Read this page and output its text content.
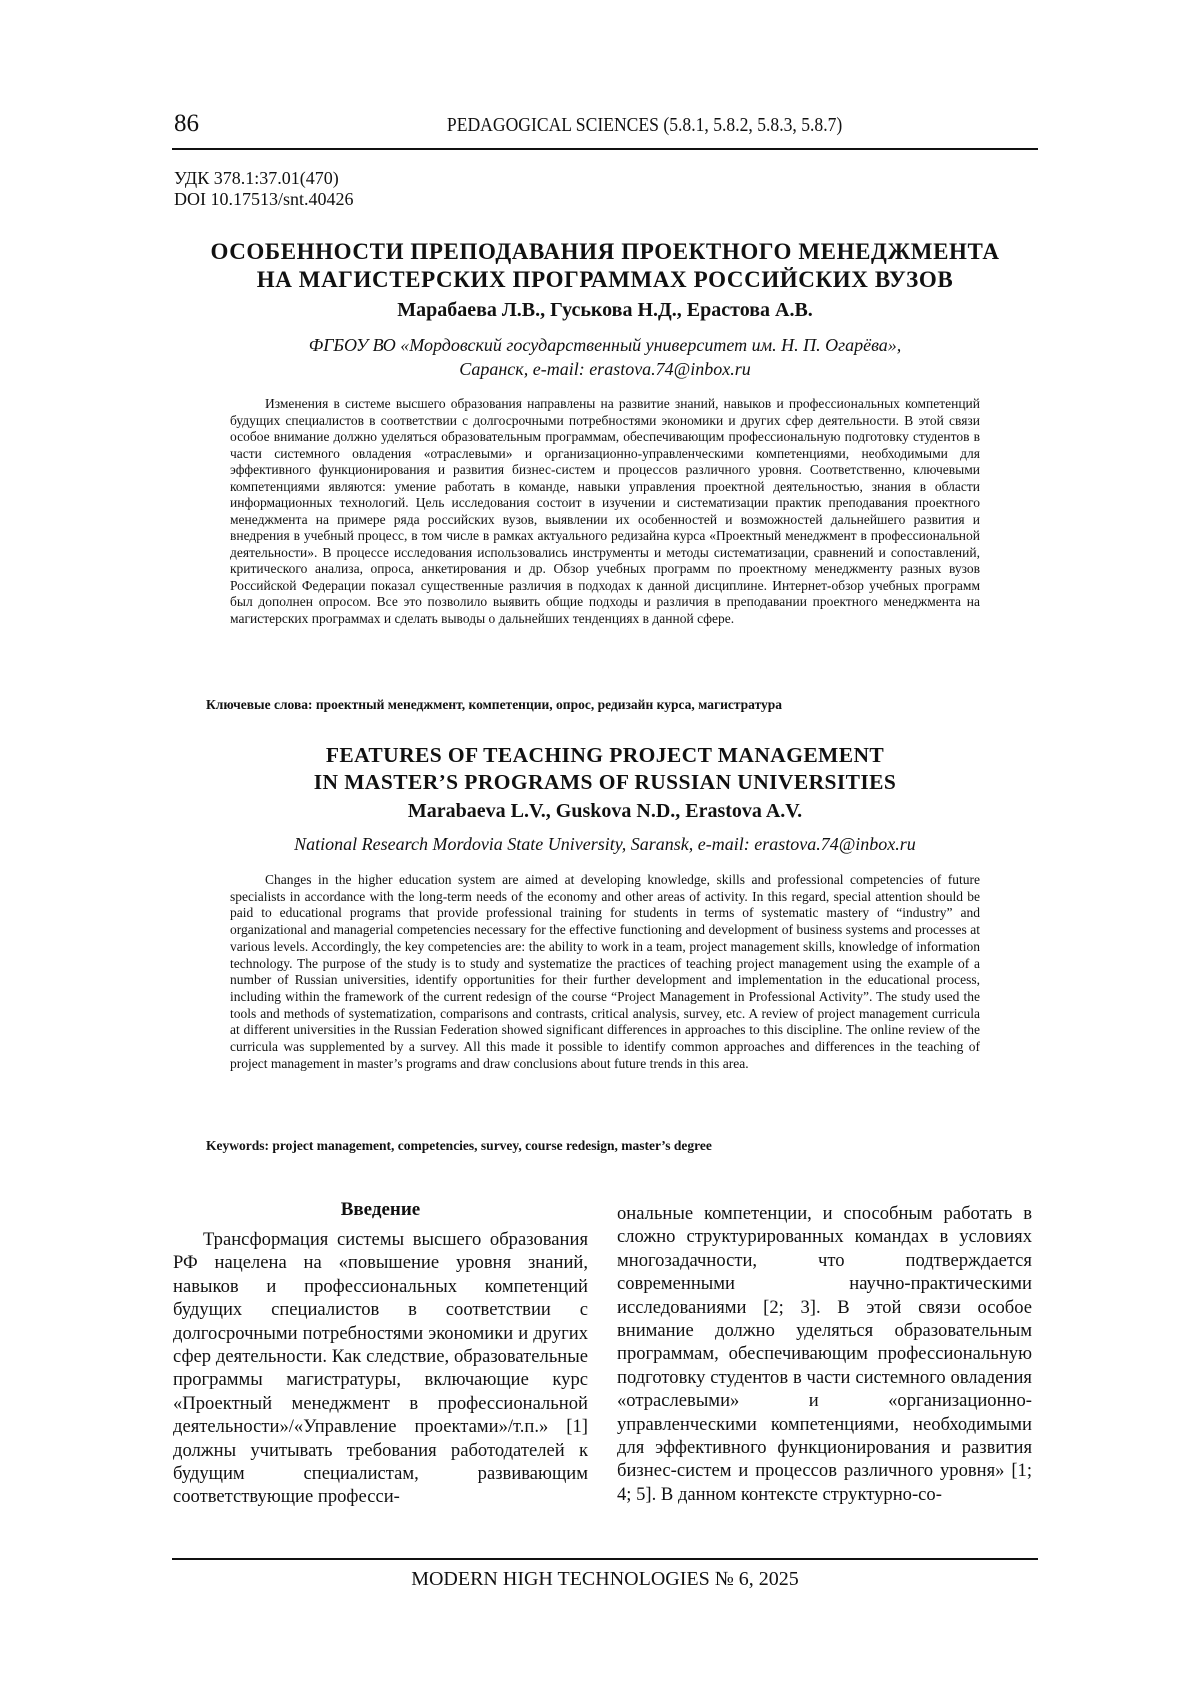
86	PEDAGOGICAL SCIENCES (5.8.1, 5.8.2, 5.8.3, 5.8.7)
УДК 378.1:37.01(470)
DOI 10.17513/snt.40426
ОСОБЕННОСТИ ПРЕПОДАВАНИЯ ПРОЕКТНОГО МЕНЕДЖМЕНТА
НА МАГИСТЕРСКИХ ПРОГРАММАХ РОССИЙСКИХ ВУЗОВ
Марабаева Л.В., Гуськова Н.Д., Ерастова А.В.
ФГБОУ ВО «Мордовский государственный университет им. Н. П. Огарёва»,
Саранск, e-mail: erastova.74@inbox.ru

Изменения в системе высшего образования направлены на развитие знаний, навыков и профессиональных компетенций будущих специалистов в соответствии с долгосрочными потребностями экономики и других сфер деятельности. В этой связи особое внимание должно уделяться образовательным программам, обеспечивающим профессиональную подготовку студентов в части системного овладения «отраслевыми» и организационно-управленческими компетенциями, необходимыми для эффективного функционирования и развития бизнес-систем и процессов различного уровня. Соответственно, ключевыми компетенциями являются: умение работать в команде, навыки управления проектной деятельностью, знания в области информационных технологий. Цель исследования состоит в изучении и систематизации практик преподавания проектного менеджмента на примере ряда российских вузов, выявлении их особенностей и возможностей дальнейшего развития и внедрения в учебный процесс, в том числе в рамках актуального редизайна курса «Проектный менеджмент в профессиональной деятельности». В процессе исследования использовались инструменты и методы систематизации, сравнений и сопоставлений, критического анализа, опроса, анкетирования и др. Обзор учебных программ по проектному менеджменту разных вузов Российской Федерации показал существенные различия в подходах к данной дисциплине. Интернет-обзор учебных программ был дополнен опросом. Все это позволило выявить общие подходы и различия в преподавании проектного менеджмента на магистерских программах и сделать выводы о дальнейших тенденциях в данной сфере.

Ключевые слова: проектный менеджмент, компетенции, опрос, редизайн курса, магистратура

FEATURES OF TEACHING PROJECT MANAGEMENT
IN MASTER’S PROGRAMS OF RUSSIAN UNIVERSITIES
Marabaeva L.V., Guskova N.D., Erastova A.V.
National Research Mordovia State University, Saransk, e-mail: erastova.74@inbox.ru

Changes in the higher education system are aimed at developing knowledge, skills and professional competencies of future specialists in accordance with the long-term needs of the economy and other areas of activity. In this regard, special attention should be paid to educational programs that provide professional training for students in terms of systematic mastery of “industry” and organizational and managerial competencies necessary for the effective functioning and development of business systems and processes at various levels. Accordingly, the key competencies are: the ability to work in a team, project management skills, knowledge of information technology. The purpose of the study is to study and systematize the practices of teaching project management using the example of a number of Russian universities, identify opportunities for their further development and implementation in the educational process, including within the framework of the current redesign of the course “Project Management in Professional Activity”. The study used the tools and methods of systematization, comparisons and contrasts, critical analysis, survey, etc. A review of project management curricula at different universities in the Russian Federation showed significant differences in approaches to this discipline. The online review of the curricula was supplemented by a survey. All this made it possible to identify common approaches and differences in the teaching of project management in master’s programs and draw conclusions about future trends in this area.

Keywords: project management, competencies, survey, course redesign, master’s degree

Введение

Трансформация системы высшего образования РФ нацелена на «повышение уровня знаний, навыков и профессиональных компетенций будущих специалистов в соответствии с долгосрочными потребностями экономики и других сфер деятельности. Как следствие, образовательные программы магистратуры, включающие курс «Проектный менеджмент в профессиональной деятельности»/«Управление проектами»/т.п.» [1] должны учитывать требования работодателей к будущим специалистам, развивающим соответствующие професси-

ональные компетенции, и способным работать в сложно структурированных командах в условиях многозадачности, что подтверждается современными научно-практическими исследованиями [2; 3]. В этой связи особое внимание должно уделяться образовательным программам, обеспечивающим профессиональную подготовку студентов в части системного овладения «отраслевыми» и «организационно-управленческими компетенциями, необходимыми для эффективного функционирования и развития бизнес-систем и процессов различного уровня» [1; 4; 5]. В данном контексте структурно-со-

MODERN HIGH TECHNOLOGIES № 6, 2025
